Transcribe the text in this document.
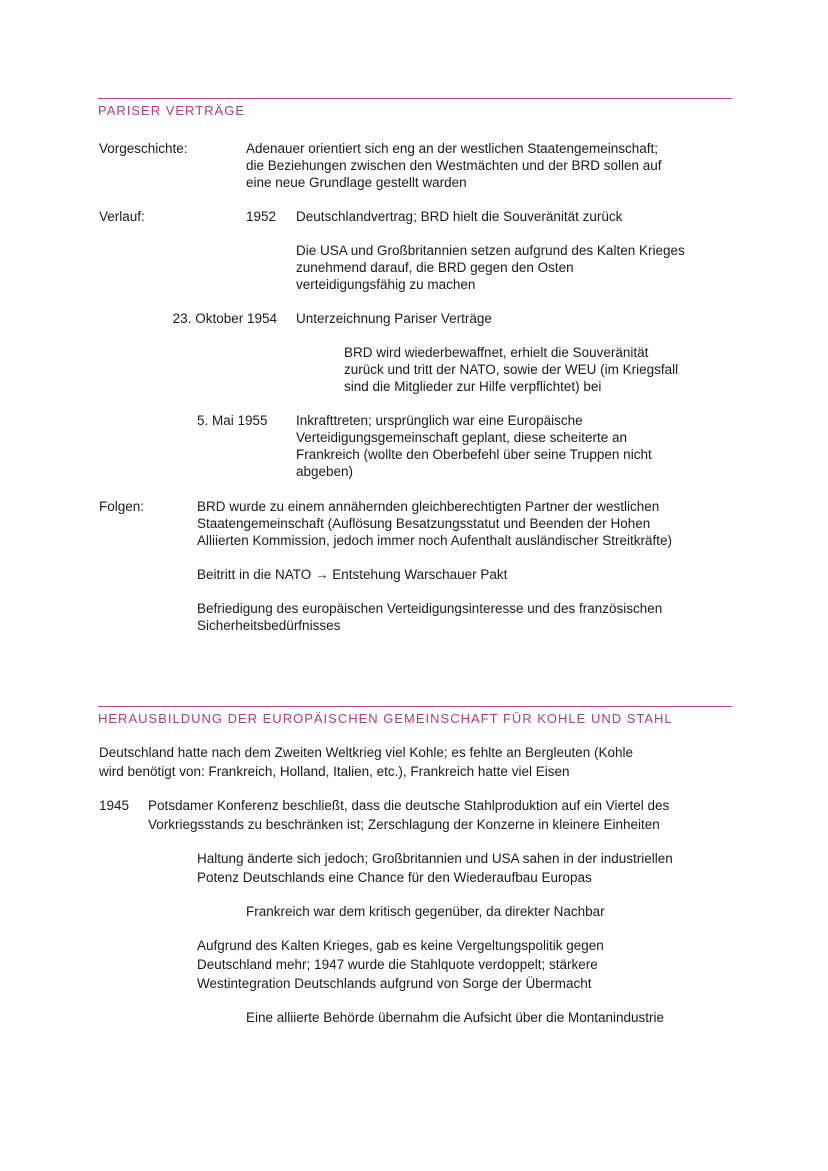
PARISER VERTRÄGE
Vorgeschichte:	Adenauer orientiert sich eng an der westlichen Staatengemeinschaft;
die Beziehungen zwischen den Westmächten und der BRD sollen auf
eine neue Grundlage gestellt warden
Verlauf:	1952 Deutschlandvertrag; BRD hielt die Souveränität zurück
Die USA und Großbritannien setzen aufgrund des Kalten Krieges
zunehmend darauf, die BRD gegen den Osten
verteidigungsfähig zu machen
23. Oktober 1954 Unterzeichnung Pariser Verträge
BRD wird wiederbewaffnet, erhielt die Souveränität
zurück und tritt der NATO, sowie der WEU (im Kriegsfall
sind die Mitglieder zur Hilfe verpflichtet) bei
5. Mai 1955 Inkrafttreten; ursprünglich war eine Europäische
Verteidigungsgemeinschaft geplant, diese scheiterte an
Frankreich (wollte den Oberbefehl über seine Truppen nicht
abgeben)
Folgen:	BRD wurde zu einem annähernden gleichberechtigten Partner der westlichen
Staatengemeinschaft (Auflösung Besatzungsstatut und Beenden der Hohen
Alliierten Kommission, jedoch immer noch Aufenthalt ausländischer Streitkräfte)
Beitritt in die NATO → Entstehung Warschauer Pakt
Befriedigung des europäischen Verteidigungsinteresse und des französischen
Sicherheitsbedürfnisses
HERAUSBILDUNG DER EUROPÄISCHEN GEMEINSCHAFT FÜR KOHLE UND STAHL
Deutschland hatte nach dem Zweiten Weltkrieg viel Kohle; es fehlte an Bergleuten (Kohle
wird benötigt von: Frankreich, Holland, Italien, etc.), Frankreich hatte viel Eisen
1945 Potsdamer Konferenz beschließt, dass die deutsche Stahlproduktion auf ein Viertel des
Vorkriegsstands zu beschränken ist; Zerschlagung der Konzerne in kleinere Einheiten
Haltung änderte sich jedoch; Großbritannien und USA sahen in der industriellen
Potenz Deutschlands eine Chance für den Wiederaufbau Europas
Frankreich war dem kritisch gegenüber, da direkter Nachbar
Aufgrund des Kalten Krieges, gab es keine Vergeltungspolitik gegen
Deutschland mehr; 1947 wurde die Stahlquote verdoppelt; stärkere
Westintegration Deutschlands aufgrund von Sorge der Übermacht
Eine alliierte Behörde übernahm die Aufsicht über die Montanindustrie
